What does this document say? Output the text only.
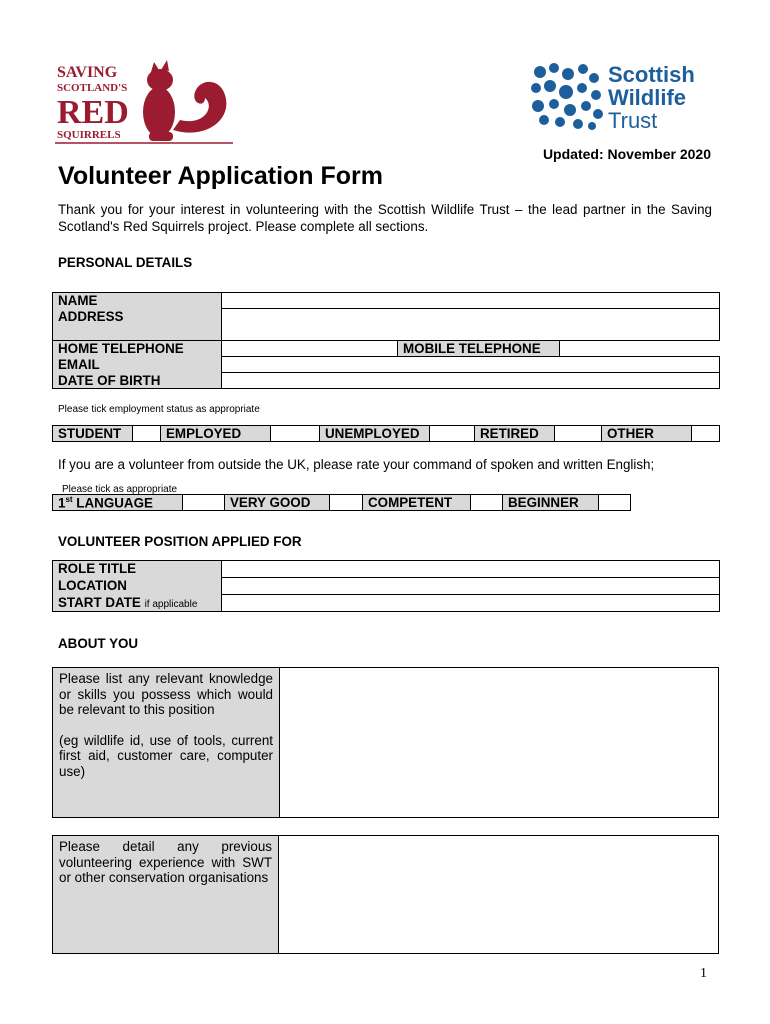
SAVING
SCOTLAND'S
RED
SQUIRRELS
Scottish
Wildlife
Trust
Updated: November 2020
Volunteer Application Form
Thank you for your interest in volunteering with the Scottish Wildlife Trust – the lead partner in the Saving Scotland's Red Squirrels project. Please complete all sections.
PERSONAL DETAILS
NAME			
ADDRESS			
HOME TELEPHONE		MOBILE TELEPHONE	
EMAIL			
DATE OF BIRTH			
Please tick employment status as appropriate
STUDENT		EMPLOYED		UNEMPLOYED		RETIRED		OTHER	
If you are a volunteer from outside the UK, please rate your command of spoken and written English;
Please tick as appropriate
1st LANGUAGE		VERY GOOD		COMPETENT		BEGINNER	
VOLUNTEER POSITION APPLIED FOR
ROLE TITLE	
LOCATION	
START DATE if applicable	
ABOUT YOU
Please list any relevant knowledge or skills you possess which would be relevant to this position
(eg wildlife id, use of tools, current first aid, customer care, computer use)

Please detail any previous volunteering experience with SWT or other conservation organisations	
1
